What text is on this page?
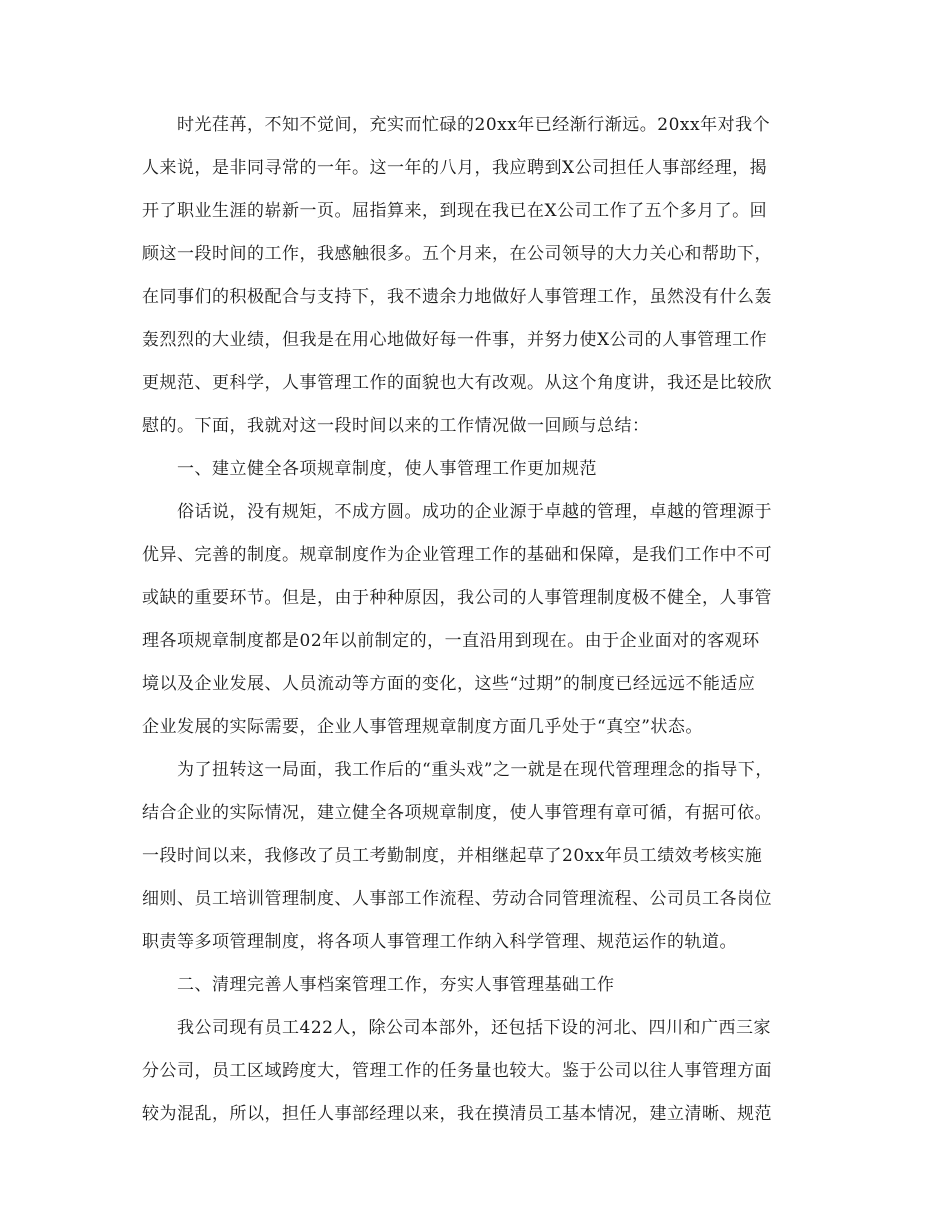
时光荏苒，不知不觉间，充实而忙碌的20xx年已经渐行渐远。20xx年对我个
人来说，是非同寻常的一年。这一年的八月，我应聘到X公司担任人事部经理，揭
开了职业生涯的崭新一页。屈指算来，到现在我已在X公司工作了五个多月了。回
顾这一段时间的工作，我感触很多。五个月来，在公司领导的大力关心和帮助下，
在同事们的积极配合与支持下，我不遗余力地做好人事管理工作，虽然没有什么轰
轰烈烈的大业绩，但我是在用心地做好每一件事，并努力使X公司的人事管理工作
更规范、更科学，人事管理工作的面貌也大有改观。从这个角度讲，我还是比较欣
慰的。下面，我就对这一段时间以来的工作情况做一回顾与总结：
一、建立健全各项规章制度，使人事管理工作更加规范
俗话说，没有规矩，不成方圆。成功的企业源于卓越的管理，卓越的管理源于
优异、完善的制度。规章制度作为企业管理工作的基础和保障，是我们工作中不可
或缺的重要环节。但是，由于种种原因，我公司的人事管理制度极不健全，人事管
理各项规章制度都是02年以前制定的，一直沿用到现在。由于企业面对的客观环
境以及企业发展、人员流动等方面的变化，这些“过期”的制度已经远远不能适应
企业发展的实际需要，企业人事管理规章制度方面几乎处于“真空”状态。
为了扭转这一局面，我工作后的“重头戏”之一就是在现代管理理念的指导下，
结合企业的实际情况，建立健全各项规章制度，使人事管理有章可循，有据可依。
一段时间以来，我修改了员工考勤制度，并相继起草了20xx年员工绩效考核实施
细则、员工培训管理制度、人事部工作流程、劳动合同管理流程、公司员工各岗位
职责等多项管理制度，将各项人事管理工作纳入科学管理、规范运作的轨道。
二、清理完善人事档案管理工作，夯实人事管理基础工作
我公司现有员工422人，除公司本部外，还包括下设的河北、四川和广西三家
分公司，员工区域跨度大，管理工作的任务量也较大。鉴于公司以往人事管理方面
较为混乱，所以，担任人事部经理以来，我在摸清员工基本情况，建立清晰、规范
